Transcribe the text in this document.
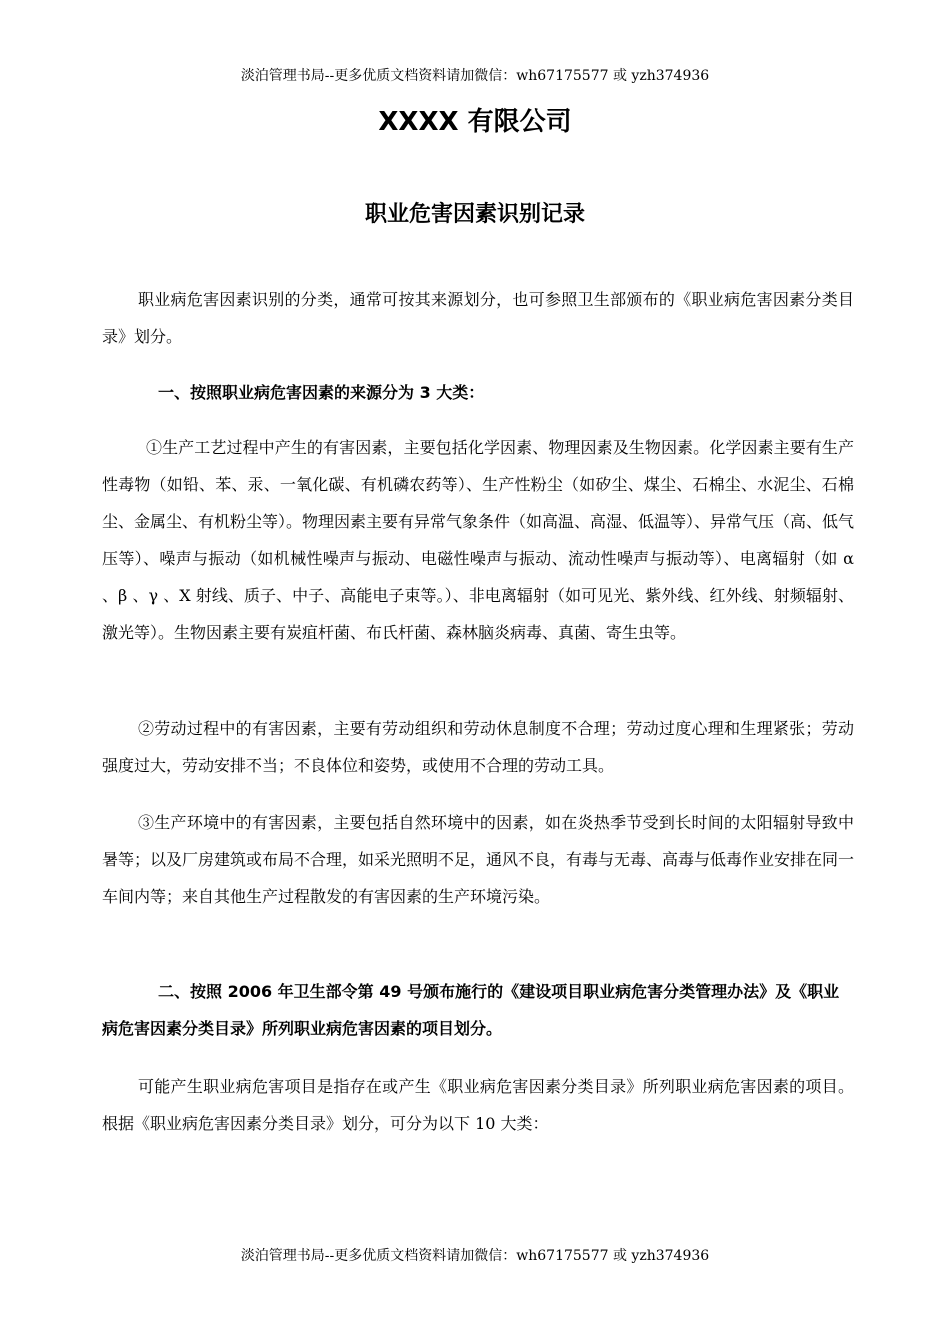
淡泊管理书局--更多优质文档资料请加微信：wh67175577 或 yzh374936
XXXX 有限公司
职业危害因素识别记录

职业病危害因素识别的分类，通常可按其来源划分，也可参照卫生部颁布的《职业病危害因素分类目录》划分。

一、按照职业病危害因素的来源分为 3 大类：

①生产工艺过程中产生的有害因素，主要包括化学因素、物理因素及生物因素。化学因素主要有生产性毒物（如铅、苯、汞、一氧化碳、有机磷农药等）、生产性粉尘（如矽尘、煤尘、石棉尘、水泥尘、石棉尘、金属尘、有机粉尘等）。物理因素主要有异常气象条件（如高温、高湿、低温等）、异常气压（高、低气压等）、噪声与振动（如机械性噪声与振动、电磁性噪声与振动、流动性噪声与振动等）、电离辐射（如 α 、β 、γ 、X 射线、质子、中子、高能电子束等。）、非电离辐射（如可见光、紫外线、红外线、射频辐射、激光等）。生物因素主要有炭疽杆菌、布氏杆菌、森林脑炎病毒、真菌、寄生虫等。

②劳动过程中的有害因素，主要有劳动组织和劳动休息制度不合理；劳动过度心理和生理紧张；劳动强度过大，劳动安排不当；不良体位和姿势，或使用不合理的劳动工具。

③生产环境中的有害因素，主要包括自然环境中的因素，如在炎热季节受到长时间的太阳辐射导致中暑等；以及厂房建筑或布局不合理，如采光照明不足，通风不良，有毒与无毒、高毒与低毒作业安排在同一车间内等；来自其他生产过程散发的有害因素的生产环境污染。

二、按照 2006 年卫生部令第 49 号颁布施行的《建设项目职业病危害分类管理办法》及《职业病危害因素分类目录》所列职业病危害因素的项目划分。

可能产生职业病危害项目是指存在或产生《职业病危害因素分类目录》所列职业病危害因素的项目。根据《职业病危害因素分类目录》划分，可分为以下 10 大类：

淡泊管理书局--更多优质文档资料请加微信：wh67175577 或 yzh374936
